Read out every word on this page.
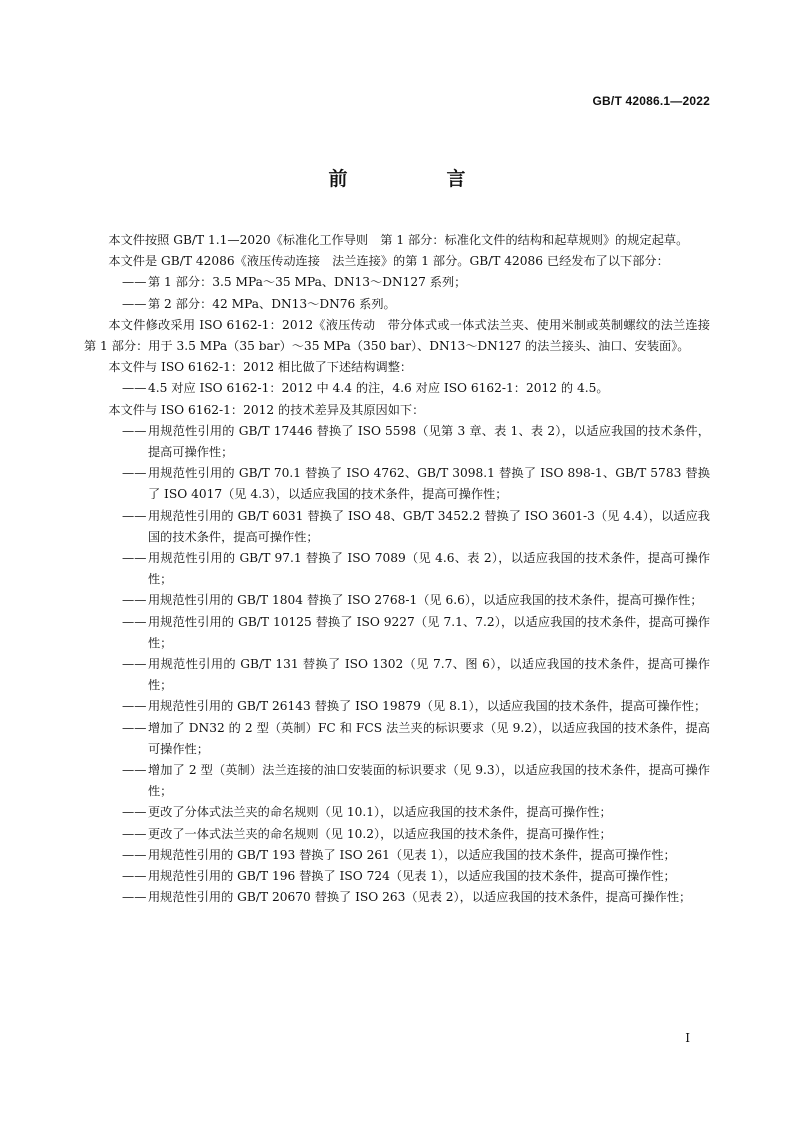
GB/T 42086.1—2022
前　言

本文件按照 GB/T 1.1—2020《标准化工作导则　第 1 部分：标准化文件的结构和起草规则》的规定起草。

本文件是 GB/T 42086《液压传动连接　法兰连接》的第 1 部分。GB/T 42086 已经发布了以下部分：

—— 第 1 部分：3.5 MPa～35 MPa、DN13～DN127 系列；

—— 第 2 部分：42 MPa、DN13～DN76 系列。

本文件修改采用 ISO 6162-1：2012《液压传动　带分体式或一体式法兰夹、使用米制或英制螺纹的法兰连接　第 1 部分：用于 3.5 MPa（35 bar）～35 MPa（350 bar）、DN13～DN127 的法兰接头、油口、安装面》。

本文件与 ISO 6162-1：2012 相比做了下述结构调整：

—— 4.5 对应 ISO 6162-1：2012 中 4.4 的注，4.6 对应 ISO 6162-1：2012 的 4.5。

本文件与 ISO 6162-1：2012 的技术差异及其原因如下：

—— 用规范性引用的 GB/T 17446 替换了 ISO 5598（见第 3 章、表 1、表 2），以适应我国的技术条件，提高可操作性；

—— 用规范性引用的 GB/T 70.1 替换了 ISO 4762、GB/T 3098.1 替换了 ISO 898-1、GB/T 5783 替换了 ISO 4017（见 4.3），以适应我国的技术条件，提高可操作性；

—— 用规范性引用的 GB/T 6031 替换了 ISO 48、GB/T 3452.2 替换了 ISO 3601-3（见 4.4），以适应我国的技术条件，提高可操作性；

—— 用规范性引用的 GB/T 97.1 替换了 ISO 7089（见 4.6、表 2），以适应我国的技术条件，提高可操作性；

—— 用规范性引用的 GB/T 1804 替换了 ISO 2768-1（见 6.6），以适应我国的技术条件，提高可操作性；

—— 用规范性引用的 GB/T 10125 替换了 ISO 9227（见 7.1、7.2），以适应我国的技术条件，提高可操作性；

—— 用规范性引用的 GB/T 131 替换了 ISO 1302（见 7.7、图 6），以适应我国的技术条件，提高可操作性；

—— 用规范性引用的 GB/T 26143 替换了 ISO 19879（见 8.1），以适应我国的技术条件，提高可操作性；

—— 增加了 DN32 的 2 型（英制）FC 和 FCS 法兰夹的标识要求（见 9.2），以适应我国的技术条件，提高可操作性；

—— 增加了 2 型（英制）法兰连接的油口安装面的标识要求（见 9.3），以适应我国的技术条件，提高可操作性；

—— 更改了分体式法兰夹的命名规则（见 10.1），以适应我国的技术条件，提高可操作性；

—— 更改了一体式法兰夹的命名规则（见 10.2），以适应我国的技术条件，提高可操作性；

—— 用规范性引用的 GB/T 193 替换了 ISO 261（见表 1），以适应我国的技术条件，提高可操作性；

—— 用规范性引用的 GB/T 196 替换了 ISO 724（见表 1），以适应我国的技术条件，提高可操作性；

—— 用规范性引用的 GB/T 20670 替换了 ISO 263（见表 2），以适应我国的技术条件，提高可操作性；

I
